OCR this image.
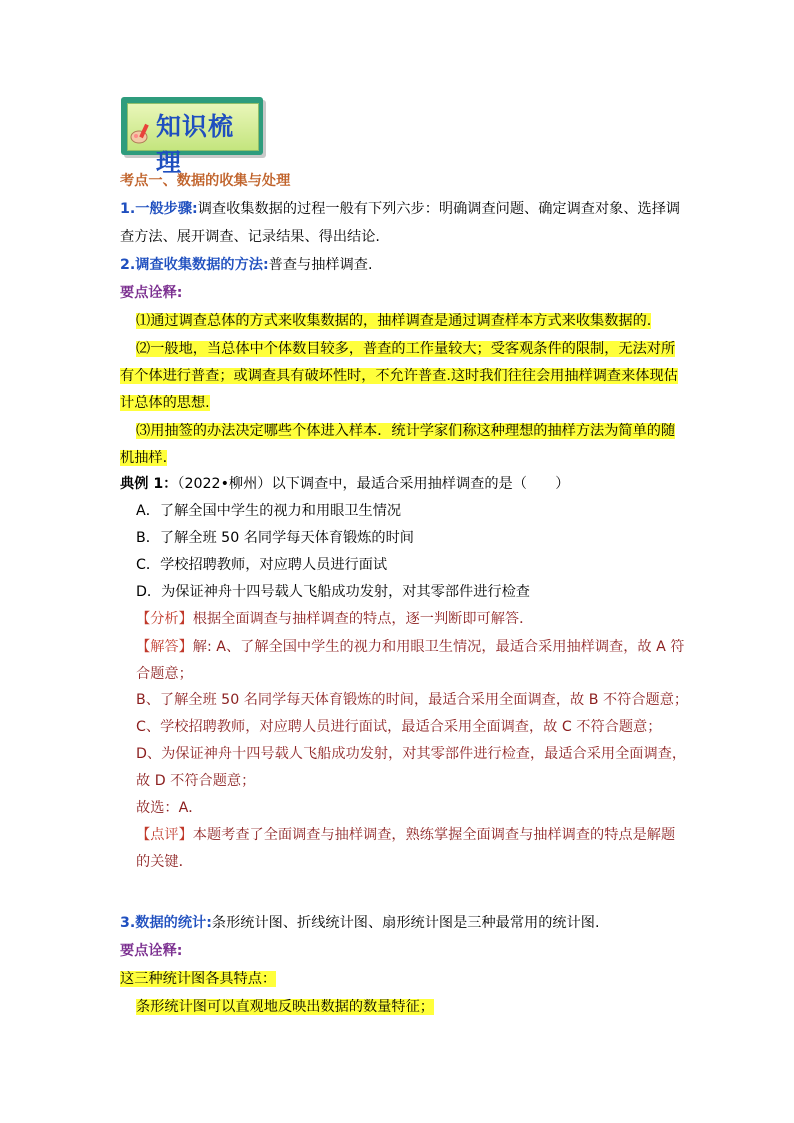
知识梳理
考点一、数据的收集与处理
1.一般步骤:调查收集数据的过程一般有下列六步：明确调查问题、确定调查对象、选择调
查方法、展开调查、记录结果、得出结论.
2.调查收集数据的方法:普查与抽样调查.
要点诠释:
⑴通过调查总体的方式来收集数据的，抽样调查是通过调查样本方式来收集数据的.
⑵一般地，当总体中个体数目较多，普查的工作量较大；受客观条件的限制，无法对所
有个体进行普查；或调查具有破坏性时，不允许普查.这时我们往往会用抽样调查来体现估
计总体的思想.
⑶用抽签的办法决定哪些个体进入样本．统计学家们称这种理想的抽样方法为简单的随
机抽样.
典例 1：（2022•柳州）以下调查中，最适合采用抽样调查的是（　　）
A．了解全国中学生的视力和用眼卫生情况
B．了解全班 50 名同学每天体育锻炼的时间
C．学校招聘教师，对应聘人员进行面试
D．为保证神舟十四号载人飞船成功发射，对其零部件进行检查
【分析】根据全面调查与抽样调查的特点，逐一判断即可解答．
【解答】解: A、了解全国中学生的视力和用眼卫生情况，最适合采用抽样调查，故 A 符
合题意；
B、了解全班 50 名同学每天体育锻炼的时间，最适合采用全面调查，故 B 不符合题意；
C、学校招聘教师，对应聘人员进行面试，最适合采用全面调查，故 C 不符合题意；
D、为保证神舟十四号载人飞船成功发射，对其零部件进行检查，最适合采用全面调查，
故 D 不符合题意；
故选：A．
【点评】本题考查了全面调查与抽样调查，熟练掌握全面调查与抽样调查的特点是解题
的关键．
3.数据的统计:条形统计图、折线统计图、扇形统计图是三种最常用的统计图.
要点诠释:
这三种统计图各具特点：
条形统计图可以直观地反映出数据的数量特征；
